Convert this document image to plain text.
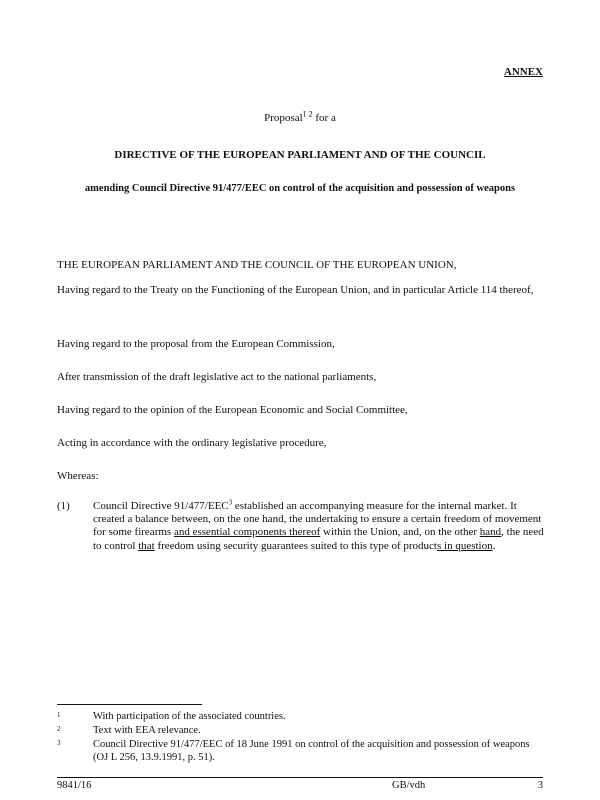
ANNEX
Proposal$^{1 2}$ for a
DIRECTIVE OF THE EUROPEAN PARLIAMENT AND OF THE COUNCIL
amending Council Directive 91/477/EEC on control of the acquisition and possession of weapons
THE EUROPEAN PARLIAMENT AND THE COUNCIL OF THE EUROPEAN UNION,
Having regard to the Treaty on the Functioning of the European Union, and in particular Article 114 thereof,
Having regard to the proposal from the European Commission,
After transmission of the draft legislative act to the national parliaments,
Having regard to the opinion of the European Economic and Social Committee,
Acting in accordance with the ordinary legislative procedure,
Whereas:
(1) Council Directive 91/477/EEC$^3$ established an accompanying measure for the internal market. It created a balance between, on the one hand, the undertaking to ensure a certain freedom of movement for some firearms and essential components thereof within the Union, and, on the other hand, the need to control that freedom using security guarantees suited to this type of products in question.
1	With participation of the associated countries.
2	Text with EEA relevance.
3	Council Directive 91/477/EEC of 18 June 1991 on control of the acquisition and possession of weapons (OJ L 256, 13.9.1991, p. 51).
9841/16	GB/vdh	3
